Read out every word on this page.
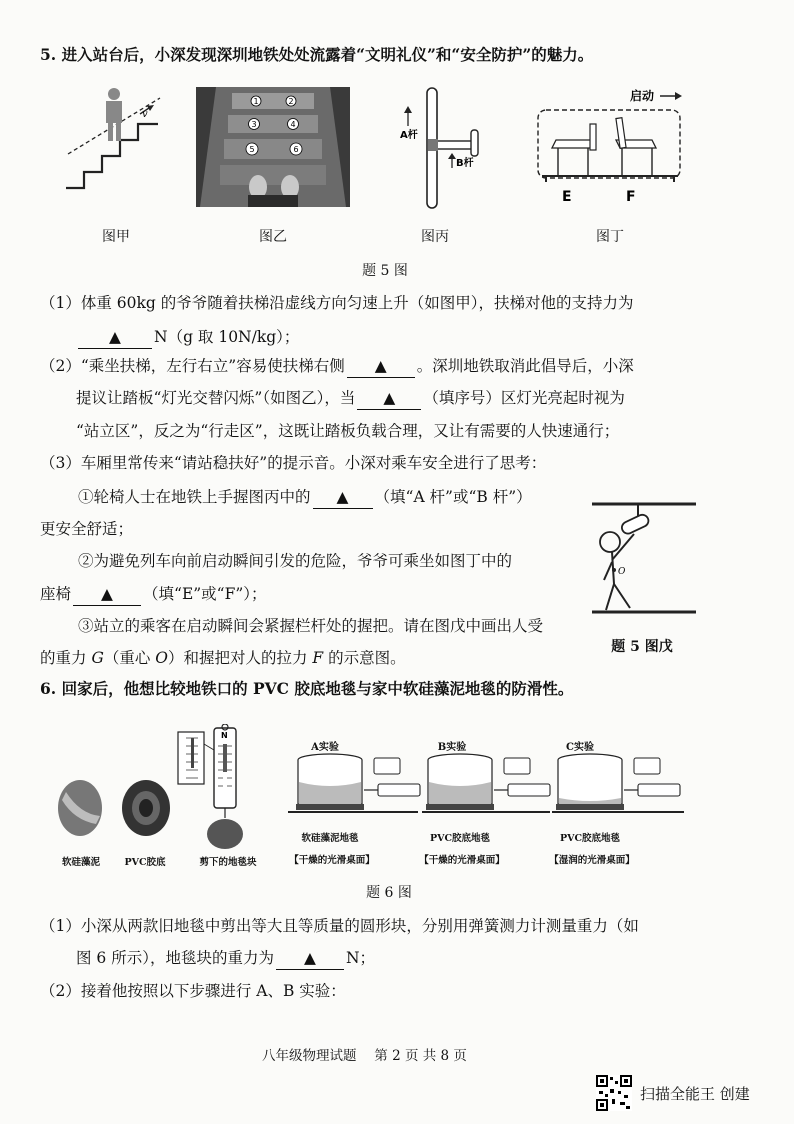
5. 进入站台后，小深发现深圳地铁处处流露着“文明礼仪”和“安全防护”的魅力。
v
图甲
1	2
3	4
5	6
图乙
A杆
B杆
图丙
启动
E	F
图丁
题 5 图
（1）体重 60kg 的爷爷随着扶梯沿虚线方向匀速上升（如图甲），扶梯对他的支持力为
▲ N（g 取 10N/kg）；
（2）“乘坐扶梯，左行右立”容易使扶梯右侧 ▲ 。深圳地铁取消此倡导后，小深
提议让踏板“灯光交替闪烁”（如图乙），当 ▲ （填序号）区灯光亮起时视为
“站立区”，反之为“行走区”，这既让踏板负载合理，又让有需要的人快速通行；
（3）车厢里常传来“请站稳扶好”的提示音。小深对乘车安全进行了思考：
①轮椅人士在地铁上手握图丙中的 ▲ （填“A 杆”或“B 杆”）
更安全舒适；
②为避免列车向前启动瞬间引发的危险，爷爷可乘坐如图丁中的
座椅 ▲ （填“E”或“F”）；
③站立的乘客在启动瞬间会紧握栏杆处的握把。请在图戊中画出人受
的重力 G（重心 O）和握把对人的拉力 F 的示意图。
O
题 5 图戊
6. 回家后，他想比较地铁口的 PVC 胶底地毯与家中软硅藻泥地毯的防滑性。
软硅藻泥	PVC胶底
N
剪下的地毯块
A实验	B实验	C实验
软硅藻泥地毯	PVC胶底地毯	PVC胶底地毯
【干燥的光滑桌面】	【干燥的光滑桌面】	【湿润的光滑桌面】
题 6 图
（1）小深从两款旧地毯中剪出等大且等质量的圆形块，分别用弹簧测力计测量重力（如
图 6 所示），地毯块的重力为 ▲ N；
（2）接着他按照以下步骤进行 A、B 实验：
八年级物理试题　 第 2 页 共 8 页
扫描全能王 创建
